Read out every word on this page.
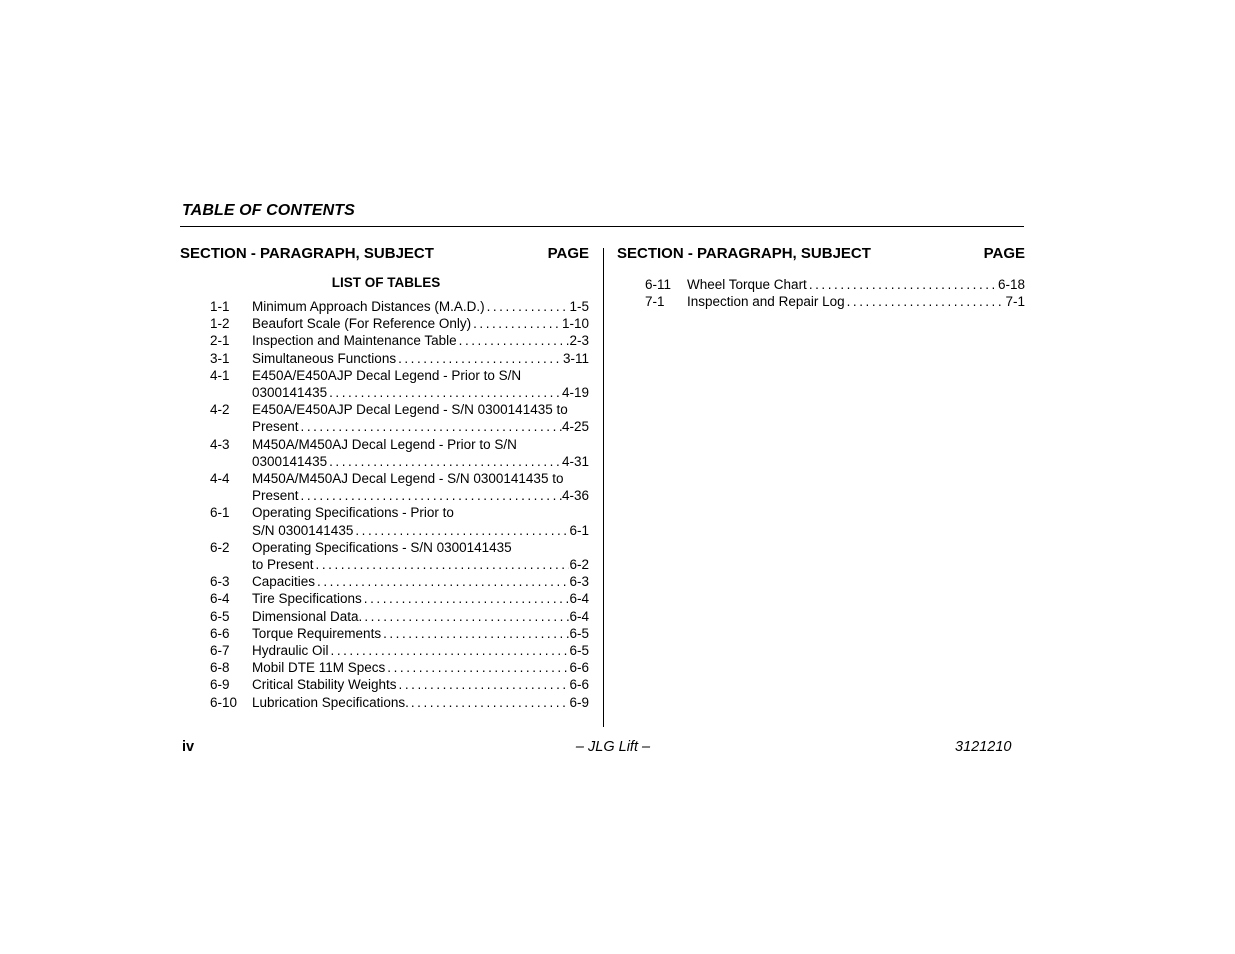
TABLE OF CONTENTS
SECTION - PARAGRAPH, SUBJECT	PAGE
LIST OF TABLES
1-1 Minimum Approach Distances (M.A.D.) . . .	1-5
1-2 Beaufort Scale (For Reference Only) . . .	1-10
2-1 Inspection and Maintenance Table . . .	2-3
3-1 Simultaneous Functions . . .	3-11
4-1 E450A/E450AJP Decal Legend - Prior to S/N
0300141435 . . .	4-19
4-2 E450A/E450AJP Decal Legend - S/N 0300141435 to
Present . . .	4-25
4-3 M450A/M450AJ Decal Legend - Prior to S/N
0300141435 . . .	4-31
4-4 M450A/M450AJ Decal Legend - S/N 0300141435 to
Present . . .	4-36
6-1 Operating Specifications - Prior to
S/N 0300141435 . . .	6-1
6-2 Operating Specifications - S/N 0300141435
to Present . . .	6-2
6-3 Capacities . . .	6-3
6-4 Tire Specifications . . .	6-4
6-5 Dimensional Data. . . .	6-4
6-6 Torque Requirements . . .	6-5
6-7 Hydraulic Oil . . .	6-5
6-8 Mobil DTE 11M Specs . . .	6-6
6-9 Critical Stability Weights . . .	6-6
6-10 Lubrication Specifications. . . .	6-9
SECTION - PARAGRAPH, SUBJECT	PAGE
6-11 Wheel Torque Chart . . .	6-18
7-1 Inspection and Repair Log . . .	7-1
iv	– JLG Lift –	3121210
